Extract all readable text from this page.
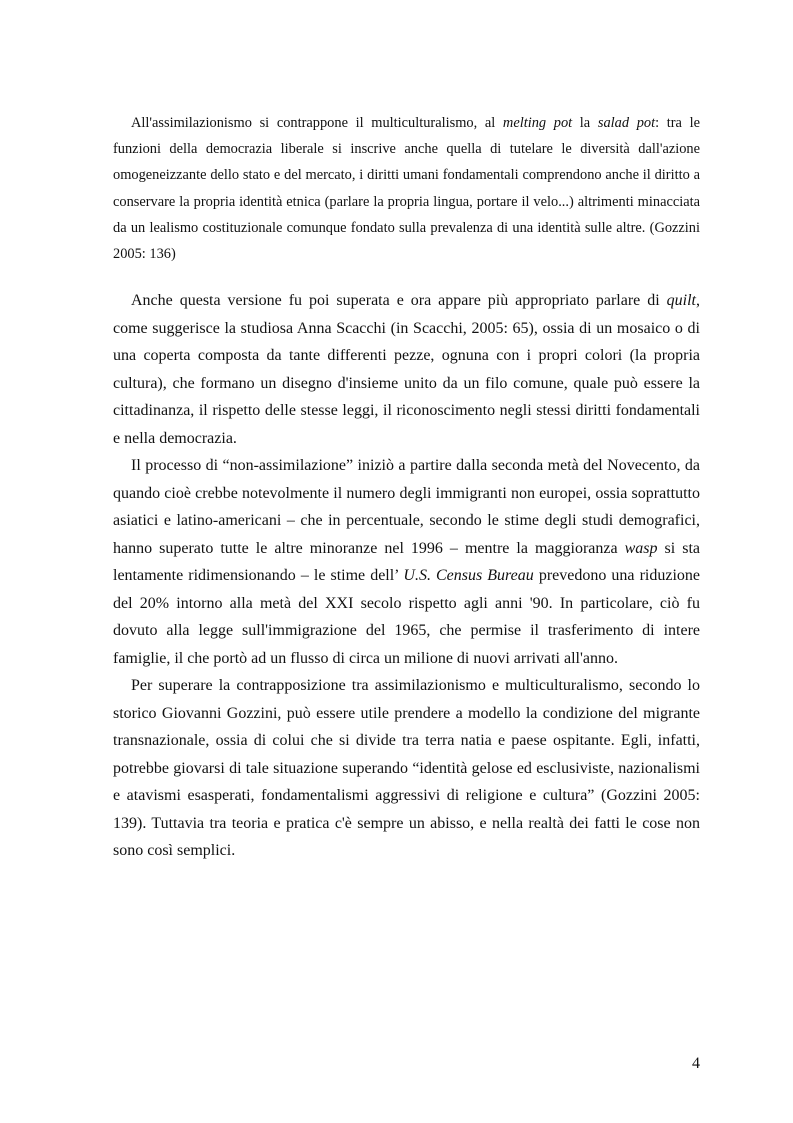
All'assimilazionismo si contrappone il multiculturalismo, al melting pot la salad pot: tra le funzioni della democrazia liberale si inscrive anche quella di tutelare le diversità dall'azione omogeneizzante dello stato e del mercato, i diritti umani fondamentali comprendono anche il diritto a conservare la propria identità etnica (parlare la propria lingua, portare il velo...) altrimenti minacciata da un lealismo costituzionale comunque fondato sulla prevalenza di una identità sulle altre. (Gozzini 2005: 136)

Anche questa versione fu poi superata e ora appare più appropriato parlare di quilt, come suggerisce la studiosa Anna Scacchi (in Scacchi, 2005: 65), ossia di un mosaico o di una coperta composta da tante differenti pezze, ognuna con i propri colori (la propria cultura), che formano un disegno d'insieme unito da un filo comune, quale può essere la cittadinanza, il rispetto delle stesse leggi, il riconoscimento negli stessi diritti fondamentali e nella democrazia.

Il processo di “non-assimilazione” iniziò a partire dalla seconda metà del Novecento, da quando cioè crebbe notevolmente il numero degli immigranti non europei, ossia soprattutto asiatici e latino-americani – che in percentuale, secondo le stime degli studi demografici, hanno superato tutte le altre minoranze nel 1996 – mentre la maggioranza wasp si sta lentamente ridimensionando – le stime dell’ U.S. Census Bureau prevedono una riduzione del 20% intorno alla metà del XXI secolo rispetto agli anni '90. In particolare, ciò fu dovuto alla legge sull'immigrazione del 1965, che permise il trasferimento di intere famiglie, il che portò ad un flusso di circa un milione di nuovi arrivati all'anno.

Per superare la contrapposizione tra assimilazionismo e multiculturalismo, secondo lo storico Giovanni Gozzini, può essere utile prendere a modello la condizione del migrante transnazionale, ossia di colui che si divide tra terra natia e paese ospitante. Egli, infatti, potrebbe giovarsi di tale situazione superando “identità gelose ed esclusiviste, nazionalismi e atavismi esasperati, fondamentalismi aggressivi di religione e cultura” (Gozzini 2005: 139). Tuttavia tra teoria e pratica c'è sempre un abisso, e nella realtà dei fatti le cose non sono così semplici.

4
